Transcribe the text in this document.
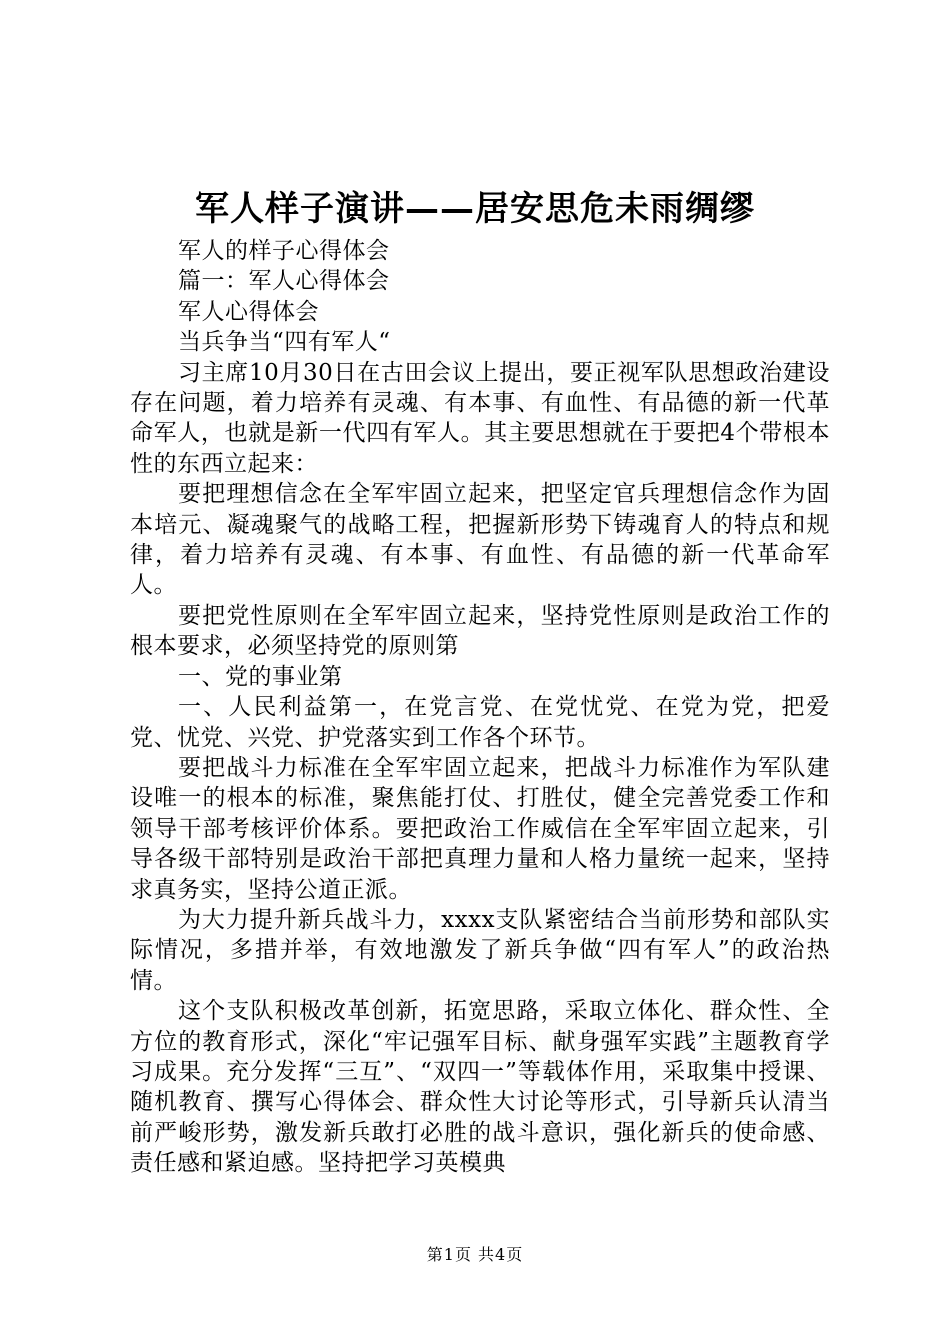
军人样子演讲——居安思危未雨绸缪

军人的样子心得体会

篇一：军人心得体会

军人心得体会

当兵争当“四有军人“

习主席10月30日在古田会议上提出，要正视军队思想政治建设存在问题，着力培养有灵魂、有本事、有血性、有品德的新一代革命军人，也就是新一代四有军人。其主要思想就在于要把4个带根本性的东西立起来：

要把理想信念在全军牢固立起来，把坚定官兵理想信念作为固本培元、凝魂聚气的战略工程，把握新形势下铸魂育人的特点和规律，着力培养有灵魂、有本事、有血性、有品德的新一代革命军人。

要把党性原则在全军牢固立起来，坚持党性原则是政治工作的根本要求，必须坚持党的原则第

一、党的事业第

一、人民利益第一，在党言党、在党忧党、在党为党，把爱党、忧党、兴党、护党落实到工作各个环节。

要把战斗力标准在全军牢固立起来，把战斗力标准作为军队建设唯一的根本的标准，聚焦能打仗、打胜仗，健全完善党委工作和领导干部考核评价体系。要把政治工作威信在全军牢固立起来，引导各级干部特别是政治干部把真理力量和人格力量统一起来，坚持求真务实，坚持公道正派。

为大力提升新兵战斗力，xxxx支队紧密结合当前形势和部队实际情况，多措并举，有效地激发了新兵争做“四有军人”的政治热情。

这个支队积极改革创新，拓宽思路，采取立体化、群众性、全方位的教育形式，深化“牢记强军目标、献身强军实践”主题教育学习成果。充分发挥“三互”、“双四一”等载体作用，采取集中授课、随机教育、撰写心得体会、群众性大讨论等形式，引导新兵认清当前严峻形势，激发新兵敢打必胜的战斗意识，强化新兵的使命感、责任感和紧迫感。坚持把学习英模典

第1页 共4页
